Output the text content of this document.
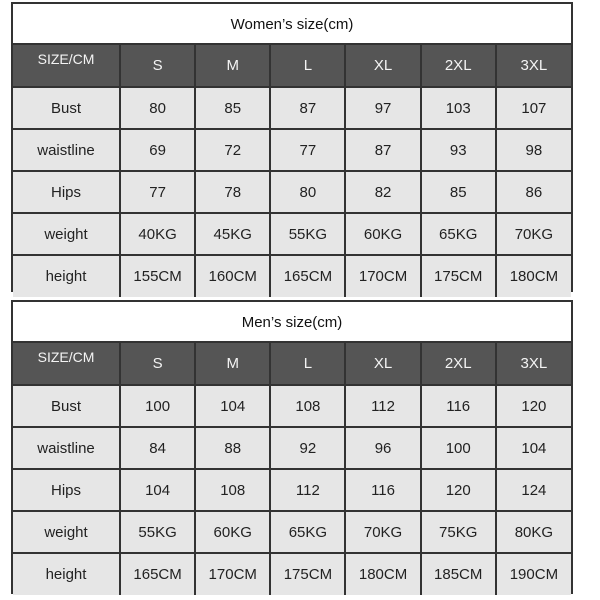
Women’s size(cm)
SIZE/CM	S	M	L	XL	2XL	3XL
Bust	80	85	87	97	103	107
waistline	69	72	77	87	93	98
Hips	77	78	80	82	85	86
weight	40KG	45KG	55KG	60KG	65KG	70KG
height	155CM	160CM	165CM	170CM	175CM	180CM
Men’s size(cm)
SIZE/CM	S	M	L	XL	2XL	3XL
Bust	100	104	108	112	116	120
waistline	84	88	92	96	100	104
Hips	104	108	112	116	120	124
weight	55KG	60KG	65KG	70KG	75KG	80KG
height	165CM	170CM	175CM	180CM	185CM	190CM
